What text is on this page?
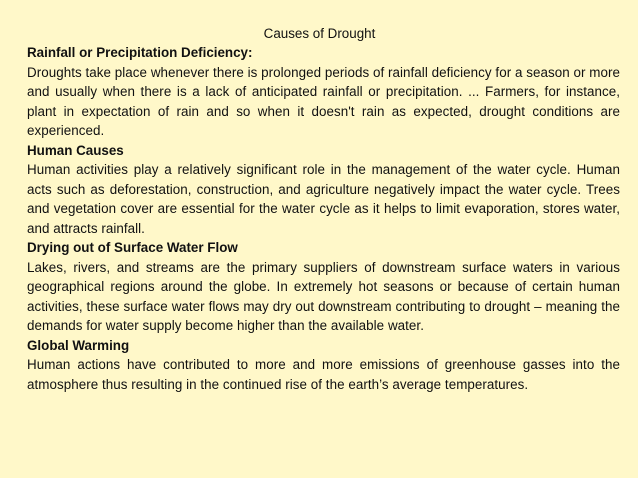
Causes of Drought
Rainfall or Precipitation Deficiency:

Droughts take place whenever there is prolonged periods of rainfall deficiency for a season or more and usually when there is a lack of anticipated rainfall or precipitation. ... Farmers, for instance, plant in expectation of rain and so when it doesn't rain as expected, drought conditions are experienced.

Human Causes

Human activities play a relatively significant role in the management of the water cycle. Human acts such as deforestation, construction, and agriculture negatively impact the water cycle. Trees and vegetation cover are essential for the water cycle as it helps to limit evaporation, stores water, and attracts rainfall.

Drying out of Surface Water Flow

Lakes, rivers, and streams are the primary suppliers of downstream surface waters in various geographical regions around the globe. In extremely hot seasons or because of certain human activities, these surface water flows may dry out downstream contributing to drought – meaning the demands for water supply become higher than the available water.

Global Warming

Human actions have contributed to more and more emissions of greenhouse gasses into the atmosphere thus resulting in the continued rise of the earth’s average temperatures.
